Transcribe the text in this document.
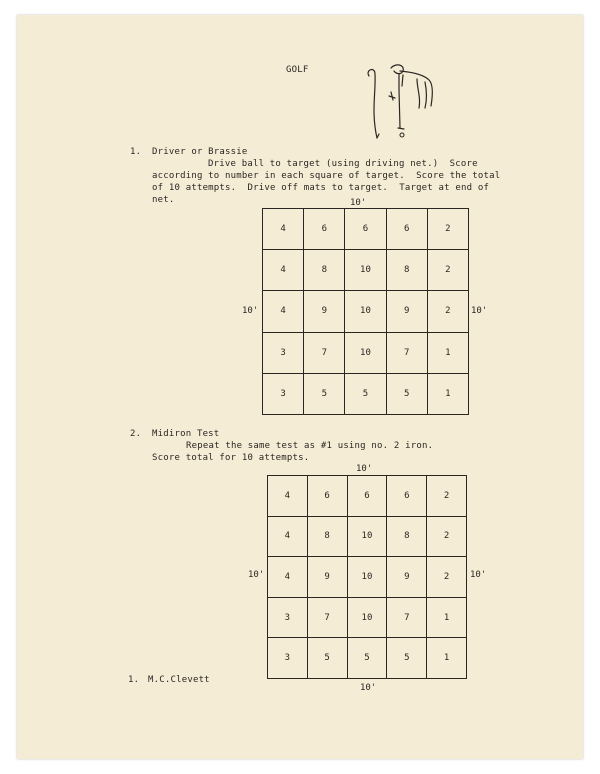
GOLF
1. Driver or Brassie
Drive ball to target (using driving net.)  Score
according to number in each square of target.  Score the total
of 10 attempts.  Drive off mats to target.  Target at end of
net.	10'
10'	10'
4	6	6	6	2
4	8	10	8	2
4	9	10	9	2
3	7	10	7	1
3	5	5	5	1
2. Midiron Test
Repeat the same test as #1 using no. 2 iron.
Score total for 10 attempts.
10'
10'	10'
10'
4	6	6	6	2
4	8	10	8	2
4	9	10	9	2
3	7	10	7	1
3	5	5	5	1
1. M.C.Clevett
